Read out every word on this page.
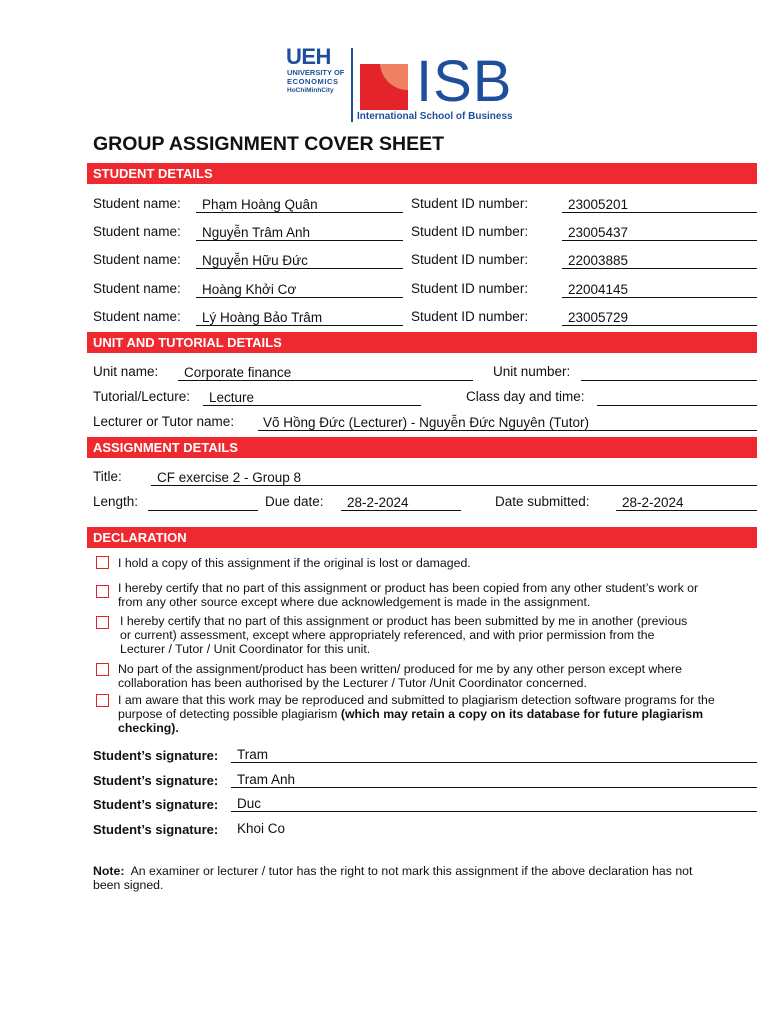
UEH
UNIVERSITY OF
ECONOMICS
HoChiMinhCity ISB
International School of Business
GROUP ASSIGNMENT COVER SHEET
STUDENT DETAILS
Student name:	Phạm Hoàng Quân	Student ID number:	23005201
Student name:	Nguyễn Trâm Anh	Student ID number:	23005437
Student name:	Nguyễn Hữu Đức	Student ID number:	22003885
Student name:	Hoàng Khởi Cơ	Student ID number:	22004145
Student name:	Lý Hoàng Bảo Trâm	Student ID number:	23005729
UNIT AND TUTORIAL DETAILS
Unit name:	Corporate finance	Unit number:
Tutorial/Lecture:	Lecture	Class day and time:
Lecturer or Tutor name:	Võ Hồng Đức (Lecturer) - Nguyễn Đức Nguyên (Tutor)
ASSIGNMENT DETAILS
Title:	CF exercise 2 - Group 8
Length:	Due date:	28-2-2024	Date submitted:	28-2-2024
DECLARATION
I hold a copy of this assignment if the original is lost or damaged.
I hereby certify that no part of this assignment or product has been copied from any other student’s work or
from any other source except where due acknowledgement is made in the assignment.
I hereby certify that no part of this assignment or product has been submitted by me in another (previous
or current) assessment, except where appropriately referenced, and with prior permission from the
Lecturer / Tutor / Unit Coordinator for this unit.
No part of the assignment/product has been written/ produced for me by any other person except where
collaboration has been authorised by the Lecturer / Tutor /Unit Coordinator concerned.
I am aware that this work may be reproduced and submitted to plagiarism detection software programs for the
purpose of detecting possible plagiarism (which may retain a copy on its database for future plagiarism
checking).
Student’s signature:	Tram
Student’s signature:	Tram Anh
Student’s signature:	Duc
Student’s signature:	Khoi Co
Note: An examiner or lecturer / tutor has the right to not mark this assignment if the above declaration has not
been signed.
